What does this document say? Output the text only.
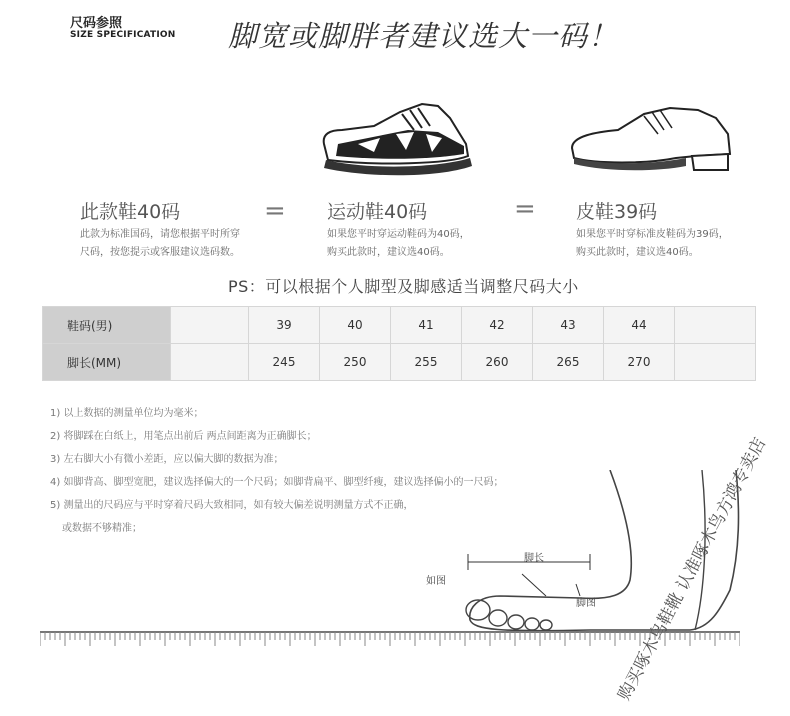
尺码参照
SIZE SPECIFICATION 脚宽或脚胖者建议选大一码！
此款鞋40码
此款为标准国码，请您根据平时所穿
尺码，按您提示或客服建议选码数。
= 运动鞋40码
如果您平时穿运动鞋码为40码，
购买此款时，建议选40码。
= 皮鞋39码
如果您平时穿标准皮鞋码为39码，
购买此款时，建议选40码。
PS：可以根据个人脚型及脚感适当调整尺码大小
鞋码(男)		39	40	41	42	43	44	
脚长(MM)		245	250	255	260	265	270	
1) 以上数据的测量单位均为毫米；
2) 将脚踩在白纸上，用笔点出前后 两点间距离为正确脚长；
3) 左右脚大小有微小差距，应以偏大脚的数据为准；
4) 如脚背高、脚型宽肥，建议选择偏大的一个尺码；如脚背扁平、脚型纤瘦，建议选择偏小的一尺码；
5) 测量出的尺码应与平时穿着尺码大致相同，如有较大偏差说明测量方式不正确，
或数据不够精准；
脚长
如图
脚图 购买啄木鸟鞋靴 认准啄木鸟方鸿专卖店
